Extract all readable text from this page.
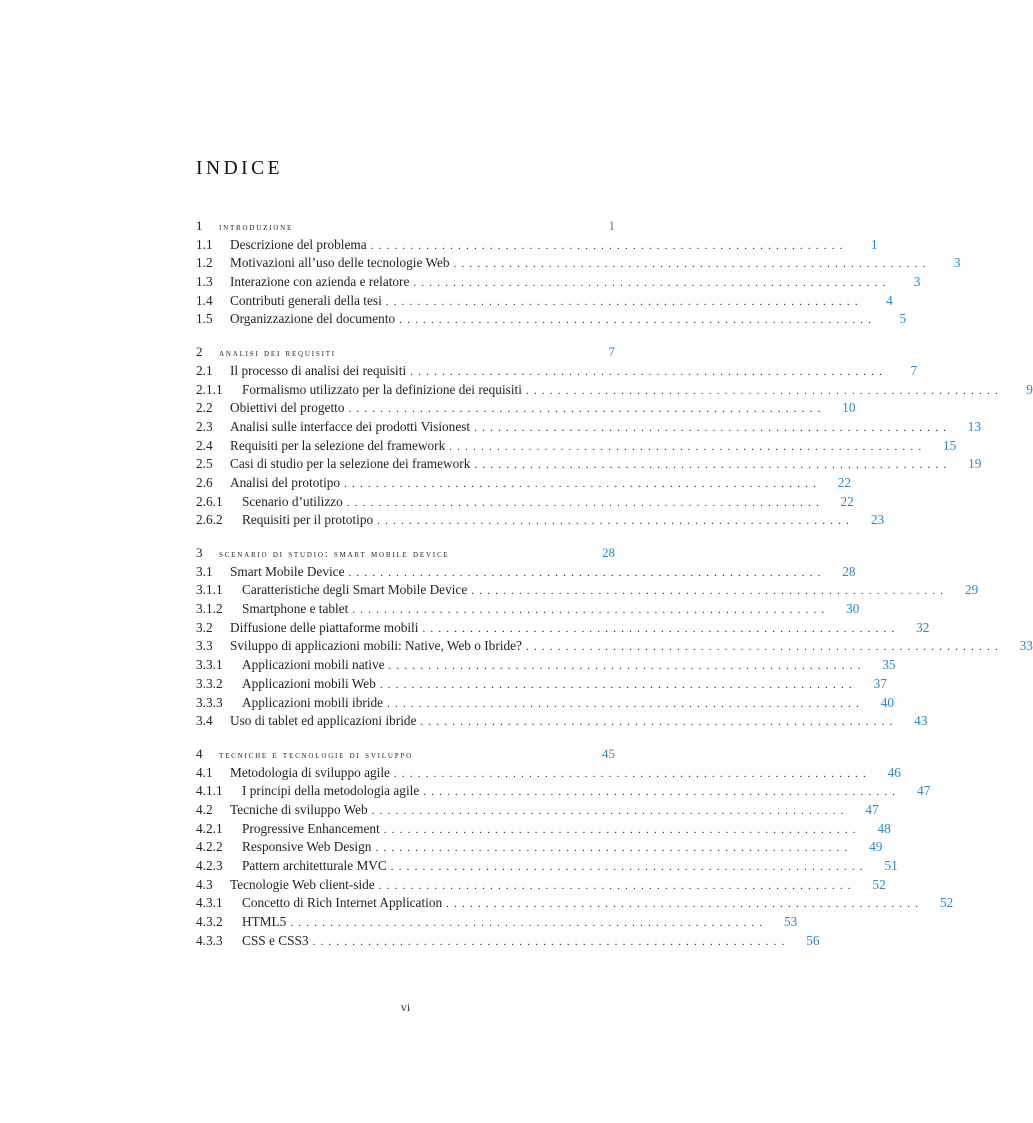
INDICE
1	introduzione	1
1.1	Descrizione del problema ............................................................	1
1.2	Motivazioni all’uso delle tecnologie Web ............................................................	3
1.3	Interazione con azienda e relatore ............................................................	3
1.4	Contributi generali della tesi ............................................................	4
1.5	Organizzazione del documento ............................................................	5
2	analisi dei requisiti	7
2.1	Il processo di analisi dei requisiti ............................................................	7
2.1.1	Formalismo utilizzato per la definizione dei requisiti ............................................................	9
2.2	Obiettivi del progetto ............................................................	10
2.3	Analisi sulle interfacce dei prodotti Visionest ............................................................	13
2.4	Requisiti per la selezione del framework ............................................................	15
2.5	Casi di studio per la selezione dei framework ............................................................	19
2.6	Analisi del prototipo ............................................................	22
2.6.1	Scenario d’utilizzo ............................................................	22
2.6.2	Requisiti per il prototipo ............................................................	23
3	scenario di studio: smart mobile device	28
3.1	Smart Mobile Device ............................................................	28
3.1.1	Caratteristiche degli Smart Mobile Device ............................................................	29
3.1.2	Smartphone e tablet ............................................................	30
3.2	Diffusione delle piattaforme mobili ............................................................	32
3.3	Sviluppo di applicazioni mobili: Native, Web o Ibride? ............................................................	33
3.3.1	Applicazioni mobili native ............................................................	35
3.3.2	Applicazioni mobili Web ............................................................	37
3.3.3	Applicazioni mobili ibride ............................................................	40
3.4	Uso di tablet ed applicazioni ibride ............................................................	43
4	tecniche e tecnologie di sviluppo	45
4.1	Metodologia di sviluppo agile ............................................................	46
4.1.1	I principi della metodologia agile ............................................................	47
4.2	Tecniche di sviluppo Web ............................................................	47
4.2.1	Progressive Enhancement ............................................................	48
4.2.2	Responsive Web Design ............................................................	49
4.2.3	Pattern architetturale MVC ............................................................	51
4.3	Tecnologie Web client-side ............................................................	52
4.3.1	Concetto di Rich Internet Application ............................................................	52
4.3.2	HTML5 ............................................................	53
4.3.3	CSS e CSS3 ............................................................	56
vi
